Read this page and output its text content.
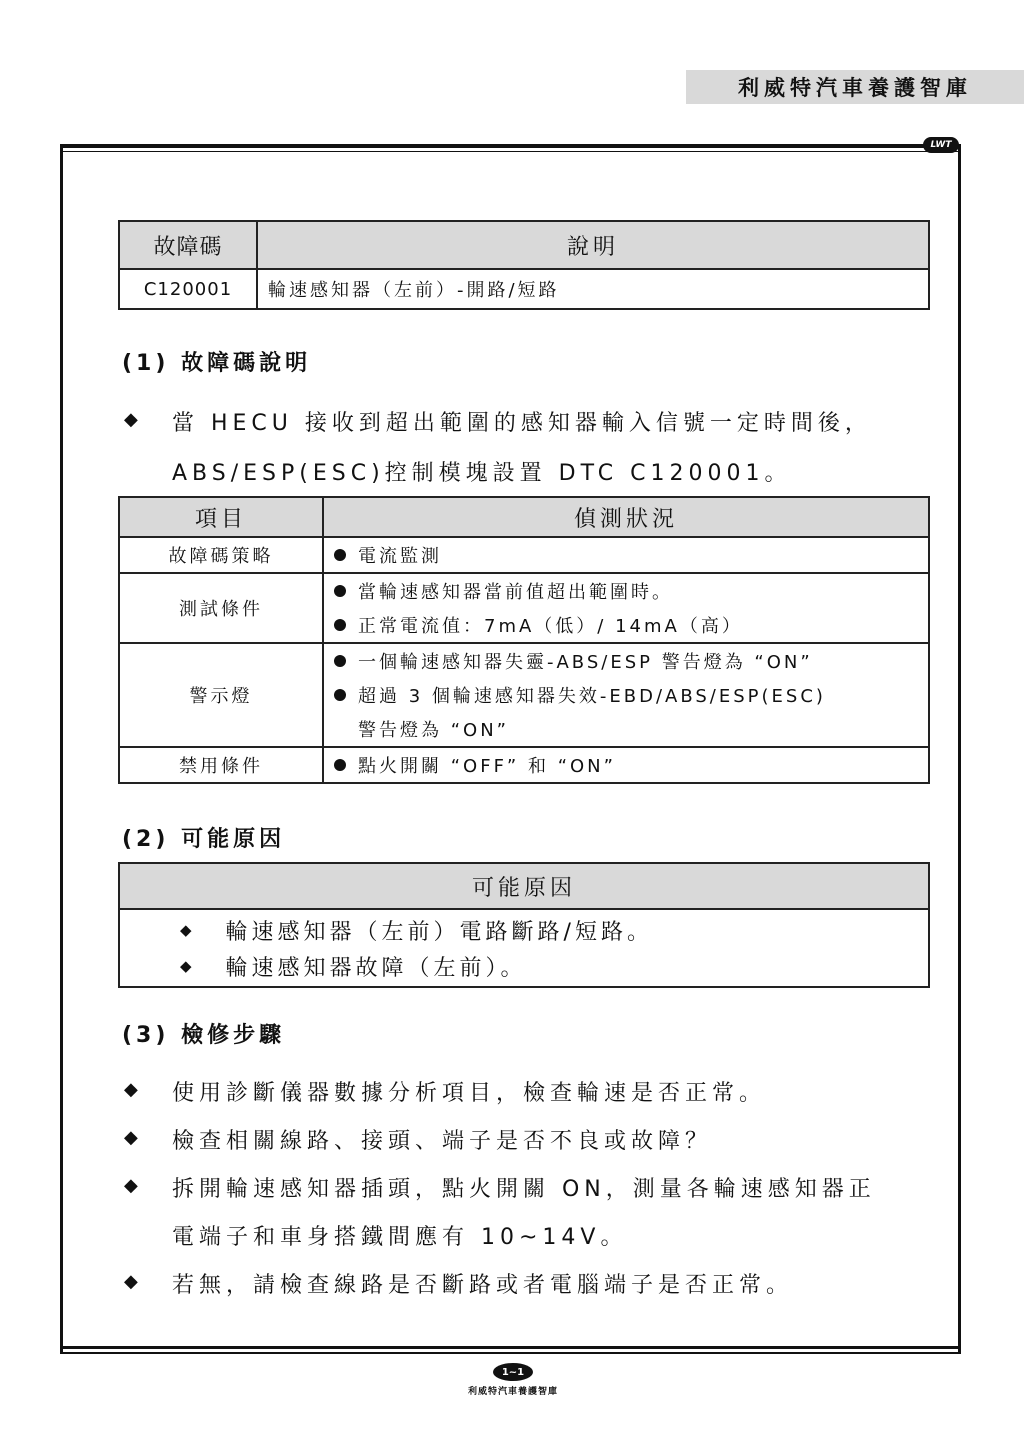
利威特汽車養護智庫
LWT
故障碼	說明
C120001	輪速感知器（左前）-開路/短路
(1) 故障碼說明
◆ 當 HECU 接收到超出範圍的感知器輸入信號一定時間後，
ABS/ESP(ESC)控制模塊設置 DTC C120001。
項目	偵測狀況
故障碼策略	電流監測

測試條件	當輪速感知器當前值超出範圍時。
正常電流值：7mA（低）/ 14mA（高）

警示燈	一個輪速感知器失靈-ABS/ESP 警告燈為 “ON”
超過 3 個輪速感知器失效-EBD/ABS/ESP(ESC)
警告燈為 “ON”

禁用條件	點火開關 “OFF” 和 “ON”
(2) 可能原因
可能原因

◆ 輪速感知器（左前）電路斷路/短路。
◆ 輪速感知器故障（左前）。
(3) 檢修步驟
◆ 使用診斷儀器數據分析項目，檢查輪速是否正常。
◆ 檢查相關線路、接頭、端子是否不良或故障？
◆ 拆開輪速感知器插頭，點火開關 ON，測量各輪速感知器正
電端子和車身搭鐵間應有 10~14V。
◆ 若無，請檢查線路是否斷路或者電腦端子是否正常。
1~1
利威特汽車養護智庫
